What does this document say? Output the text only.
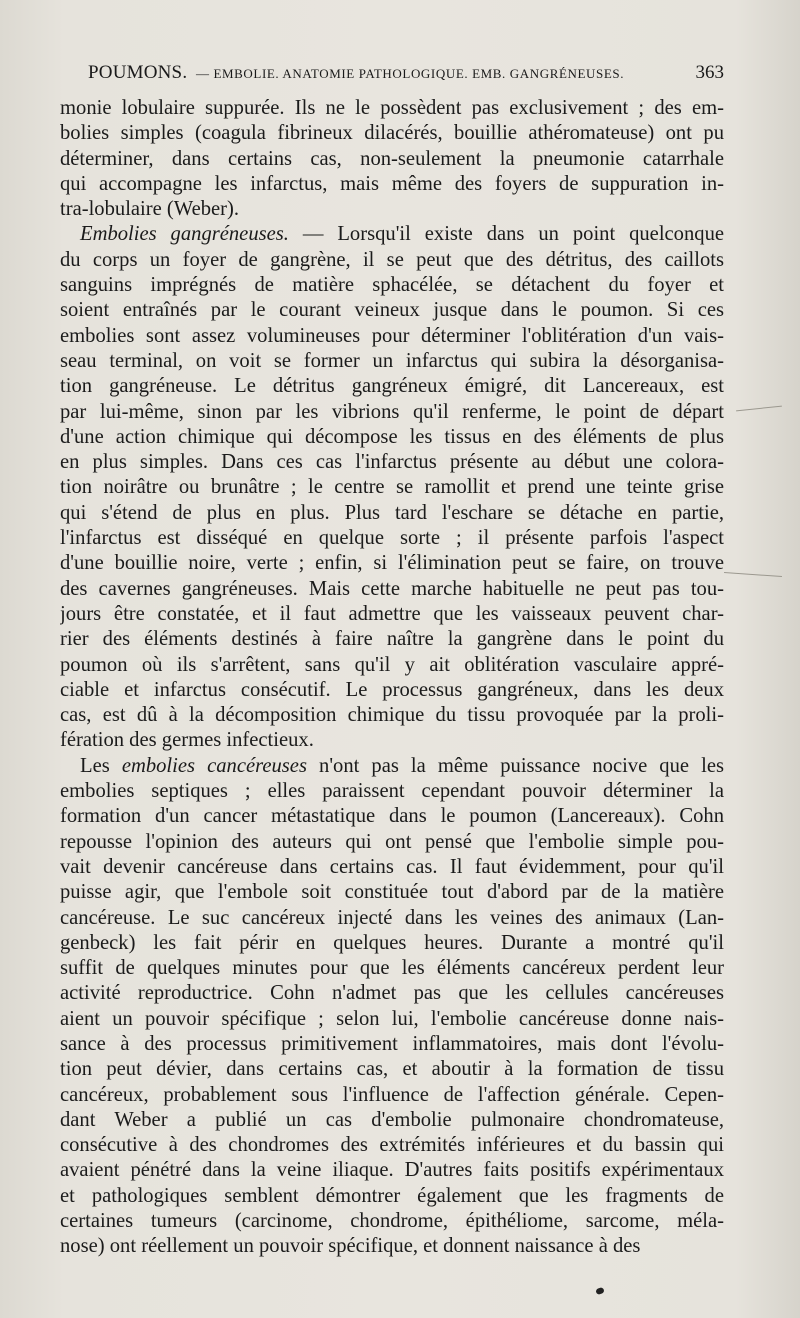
POUMONS. — EMBOLIE. ANATOMIE PATHOLOGIQUE. EMB. GANGRÉNEUSES.	363
monie lobulaire suppurée. Ils ne le possèdent pas exclusivement ; des em-
bolies simples (coagula fibrineux dilacérés, bouillie athéromateuse) ont pu
déterminer, dans certains cas, non-seulement la pneumonie catarrhale
qui accompagne les infarctus, mais même des foyers de suppuration in-
tra-lobulaire (Weber).
Embolies gangréneuses. — Lorsqu'il existe dans un point quelconque
du corps un foyer de gangrène, il se peut que des détritus, des caillots
sanguins imprégnés de matière sphacélée, se détachent du foyer et
soient entraînés par le courant veineux jusque dans le poumon. Si ces
embolies sont assez volumineuses pour déterminer l'oblitération d'un vais-
seau terminal, on voit se former un infarctus qui subira la désorganisa-
tion gangréneuse. Le détritus gangréneux émigré, dit Lancereaux, est
par lui-même, sinon par les vibrions qu'il renferme, le point de départ
d'une action chimique qui décompose les tissus en des éléments de plus
en plus simples. Dans ces cas l'infarctus présente au début une colora-
tion noirâtre ou brunâtre ; le centre se ramollit et prend une teinte grise
qui s'étend de plus en plus. Plus tard l'eschare se détache en partie,
l'infarctus est disséqué en quelque sorte ; il présente parfois l'aspect
d'une bouillie noire, verte ; enfin, si l'élimination peut se faire, on trouve
des cavernes gangréneuses. Mais cette marche habituelle ne peut pas tou-
jours être constatée, et il faut admettre que les vaisseaux peuvent char-
rier des éléments destinés à faire naître la gangrène dans le point du
poumon où ils s'arrêtent, sans qu'il y ait oblitération vasculaire appré-
ciable et infarctus consécutif. Le processus gangréneux, dans les deux
cas, est dû à la décomposition chimique du tissu provoquée par la proli-
fération des germes infectieux.
Les embolies cancéreuses n'ont pas la même puissance nocive que les
embolies septiques ; elles paraissent cependant pouvoir déterminer la
formation d'un cancer métastatique dans le poumon (Lancereaux). Cohn
repousse l'opinion des auteurs qui ont pensé que l'embolie simple pou-
vait devenir cancéreuse dans certains cas. Il faut évidemment, pour qu'il
puisse agir, que l'embole soit constituée tout d'abord par de la matière
cancéreuse. Le suc cancéreux injecté dans les veines des animaux (Lan-
genbeck) les fait périr en quelques heures. Durante a montré qu'il
suffit de quelques minutes pour que les éléments cancéreux perdent leur
activité reproductrice. Cohn n'admet pas que les cellules cancéreuses
aient un pouvoir spécifique ; selon lui, l'embolie cancéreuse donne nais-
sance à des processus primitivement inflammatoires, mais dont l'évolu-
tion peut dévier, dans certains cas, et aboutir à la formation de tissu
cancéreux, probablement sous l'influence de l'affection générale. Cepen-
dant Weber a publié un cas d'embolie pulmonaire chondromateuse,
consécutive à des chondromes des extrémités inférieures et du bassin qui
avaient pénétré dans la veine iliaque. D'autres faits positifs expérimentaux
et pathologiques semblent démontrer également que les fragments de
certaines tumeurs (carcinome, chondrome, épithéliome, sarcome, méla-
nose) ont réellement un pouvoir spécifique, et donnent naissance à des
